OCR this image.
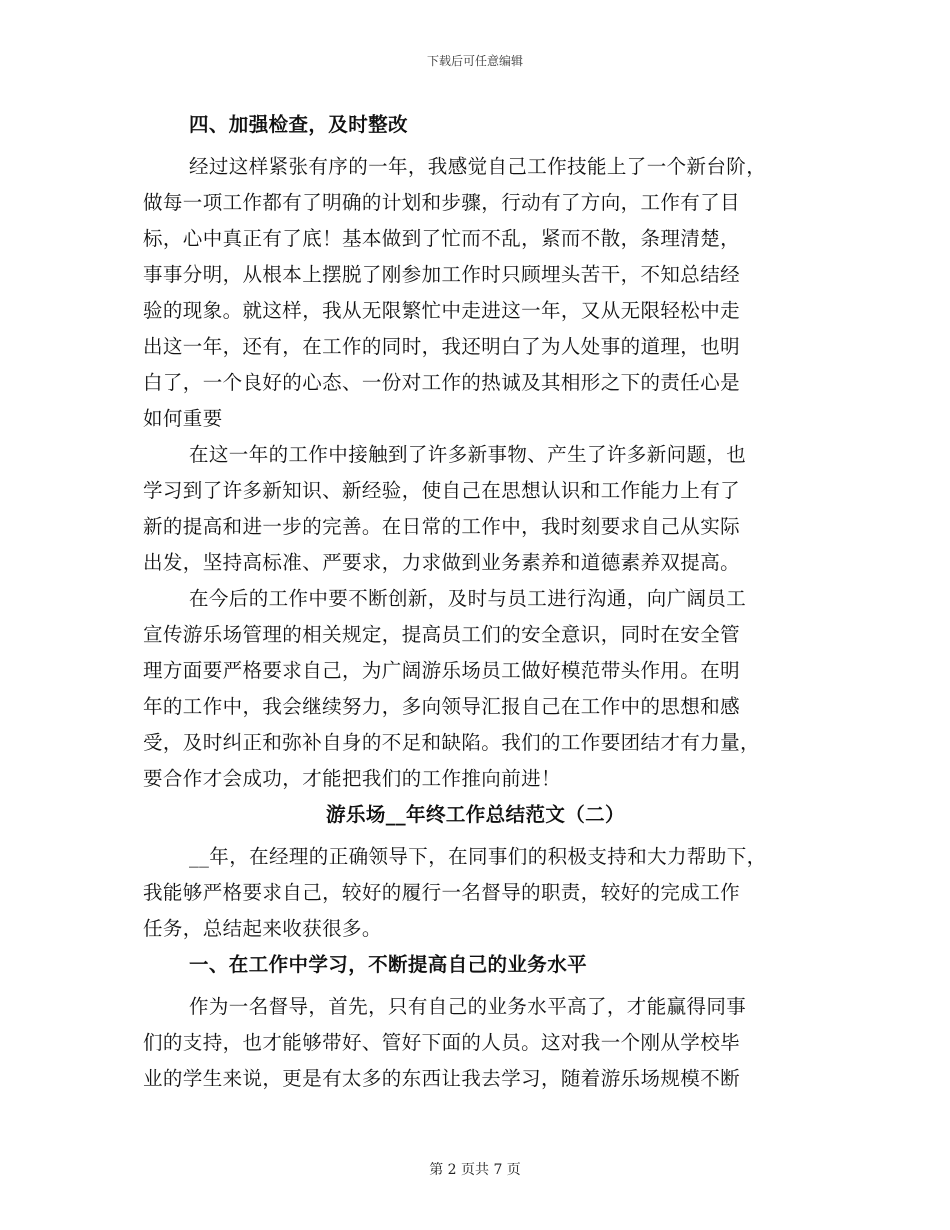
下载后可任意编辑
四、加强检查，及时整改
经过这样紧张有序的一年，我感觉自己工作技能上了一个新台阶，
做每一项工作都有了明确的计划和步骤，行动有了方向，工作有了目
标，心中真正有了底！基本做到了忙而不乱，紧而不散，条理清楚，
事事分明，从根本上摆脱了刚参加工作时只顾埋头苦干，不知总结经
验的现象。就这样，我从无限繁忙中走进这一年，又从无限轻松中走
出这一年，还有，在工作的同时，我还明白了为人处事的道理，也明
白了，一个良好的心态、一份对工作的热诚及其相形之下的责任心是
如何重要
在这一年的工作中接触到了许多新事物、产生了许多新问题，也
学习到了许多新知识、新经验，使自己在思想认识和工作能力上有了
新的提高和进一步的完善。在日常的工作中，我时刻要求自己从实际
出发，坚持高标准、严要求，力求做到业务素养和道德素养双提高。
在今后的工作中要不断创新，及时与员工进行沟通，向广阔员工
宣传游乐场管理的相关规定，提高员工们的安全意识，同时在安全管
理方面要严格要求自己，为广阔游乐场员工做好模范带头作用。在明
年的工作中，我会继续努力，多向领导汇报自己在工作中的思想和感
受，及时纠正和弥补自身的不足和缺陷。我们的工作要团结才有力量，
要合作才会成功，才能把我们的工作推向前进！
游乐场__年终工作总结范文（二）
__年，在经理的正确领导下，在同事们的积极支持和大力帮助下，
我能够严格要求自己，较好的履行一名督导的职责，较好的完成工作
任务，总结起来收获很多。
一、在工作中学习，不断提高自己的业务水平
作为一名督导，首先，只有自己的业务水平高了，才能赢得同事
们的支持，也才能够带好、管好下面的人员。这对我一个刚从学校毕
业的学生来说，更是有太多的东西让我去学习，随着游乐场规模不断
第 2 页共 7 页
